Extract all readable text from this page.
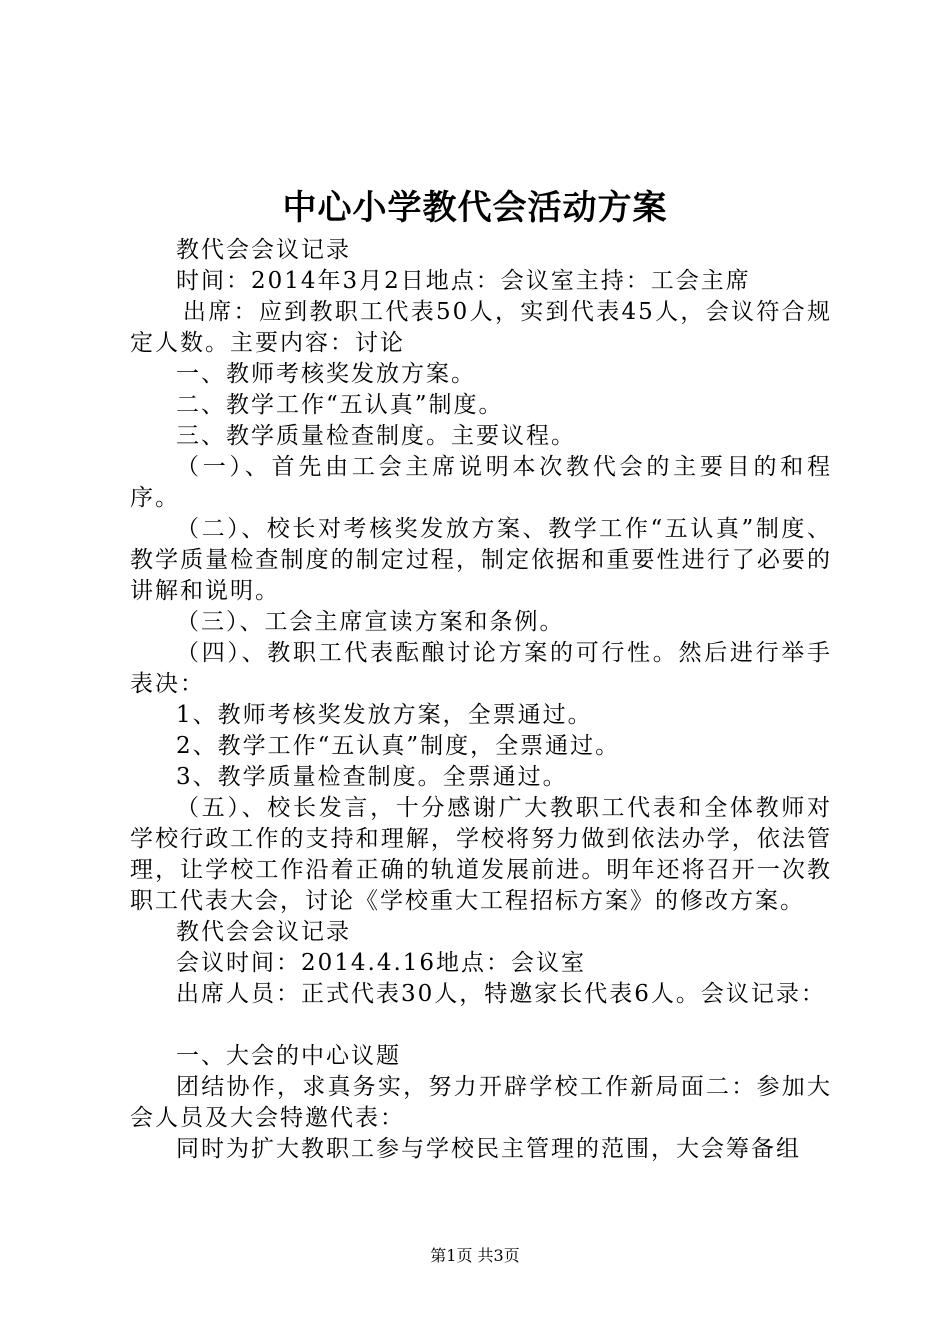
中心小学教代会活动方案

教代会会议记录

时间：2014年3月2日地点：会议室主持：工会主席

出席：应到教职工代表50人，实到代表45人，会议符合规定人数。主要内容：讨论

一、教师考核奖发放方案。

二、教学工作“五认真”制度。

三、教学质量检查制度。主要议程。

（一）、首先由工会主席说明本次教代会的主要目的和程序。

（二）、校长对考核奖发放方案、教学工作“五认真”制度、教学质量检查制度的制定过程，制定依据和重要性进行了必要的讲解和说明。

（三）、工会主席宣读方案和条例。

（四）、教职工代表酝酿讨论方案的可行性。然后进行举手表决：

1、教师考核奖发放方案，全票通过。

2、教学工作“五认真”制度，全票通过。

3、教学质量检查制度。全票通过。

（五）、校长发言，十分感谢广大教职工代表和全体教师对学校行政工作的支持和理解，学校将努力做到依法办学，依法管理，让学校工作沿着正确的轨道发展前进。明年还将召开一次教职工代表大会，讨论《学校重大工程招标方案》的修改方案。

教代会会议记录

会议时间：2014.4.16地点：会议室

出席人员：正式代表30人，特邀家长代表6人。会议记录：

一、大会的中心议题

团结协作，求真务实，努力开辟学校工作新局面二：参加大会人员及大会特邀代表：

同时为扩大教职工参与学校民主管理的范围，大会筹备组

第1页 共3页
